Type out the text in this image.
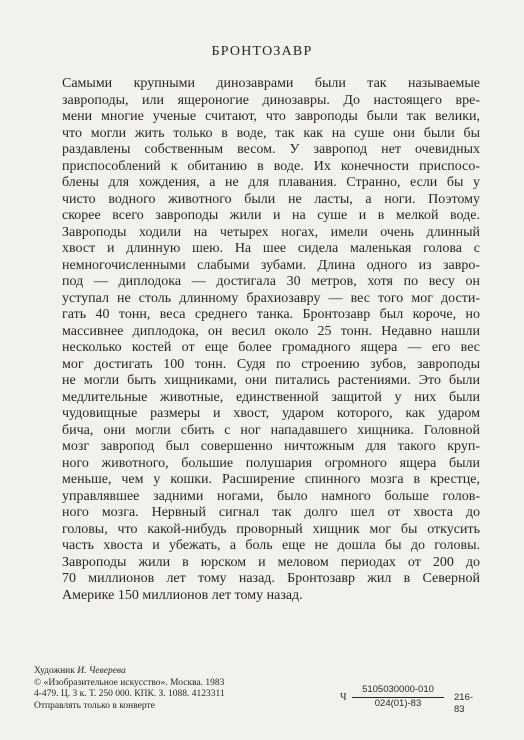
БРОНТОЗАВР
Самыми крупными динозаврами были так называемые
завроподы, или ящероногие динозавры. До настоящего вре-
мени многие ученые считают, что завроподы были так велики,
что могли жить только в воде, так как на суше они были бы
раздавлены собственным весом. У завропод нет очевидных
приспособлений к обитанию в воде. Их конечности приспосо-
блены для хождения, а не для плавания. Странно, если бы у
чисто водного животного были не ласты, а ноги. Поэтому
скорее всего завроподы жили и на суше и в мелкой воде.
Завроподы ходили на четырех ногах, имели очень длинный
хвост и длинную шею. На шее сидела маленькая голова с
немногочисленными слабыми зубами. Длина одного из завро-
под — диплодока — достигала 30 метров, хотя по весу он
уступал не столь длинному брахиозавру — вес того мог дости-
гать 40 тонн, веса среднего танка. Бронтозавр был короче, но
массивнее диплодока, он весил около 25 тонн. Недавно нашли
несколько костей от еще более громадного ящера — его вес
мог достигать 100 тонн. Судя по строению зубов, завроподы
не могли быть хищниками, они питались растениями. Это были
медлительные животные, единственной защитой у них были
чудовищные размеры и хвост, ударом которого, как ударом
бича, они могли сбить с ног нападавшего хищника. Головной
мозг завропод был совершенно ничтожным для такого круп-
ного животного, большие полушария огромного ящера были
меньше, чем у кошки. Расширение спинного мозга в крестце,
управлявшее задними ногами, было намного больше голов-
ного мозга. Нервный сигнал так долго шел от хвоста до
головы, что какой-нибудь проворный хищник мог бы откусить
часть хвоста и убежать, а боль еще не дошла бы до головы.
Завроподы жили в юрском и меловом периодах от 200 до
70 миллионов лет тому назад. Бронтозавр жил в Северной
Америке 150 миллионов лет тому назад.
Художник И. Чеверева
© «Изобразительное искусство». Москва. 1983
4-479. Ц. 3 к. Т. 250 000. КПК. З. 1088. 4123311
Отправлять только в конверте
Ч
5105030000-010
024(01)-83
216-83
